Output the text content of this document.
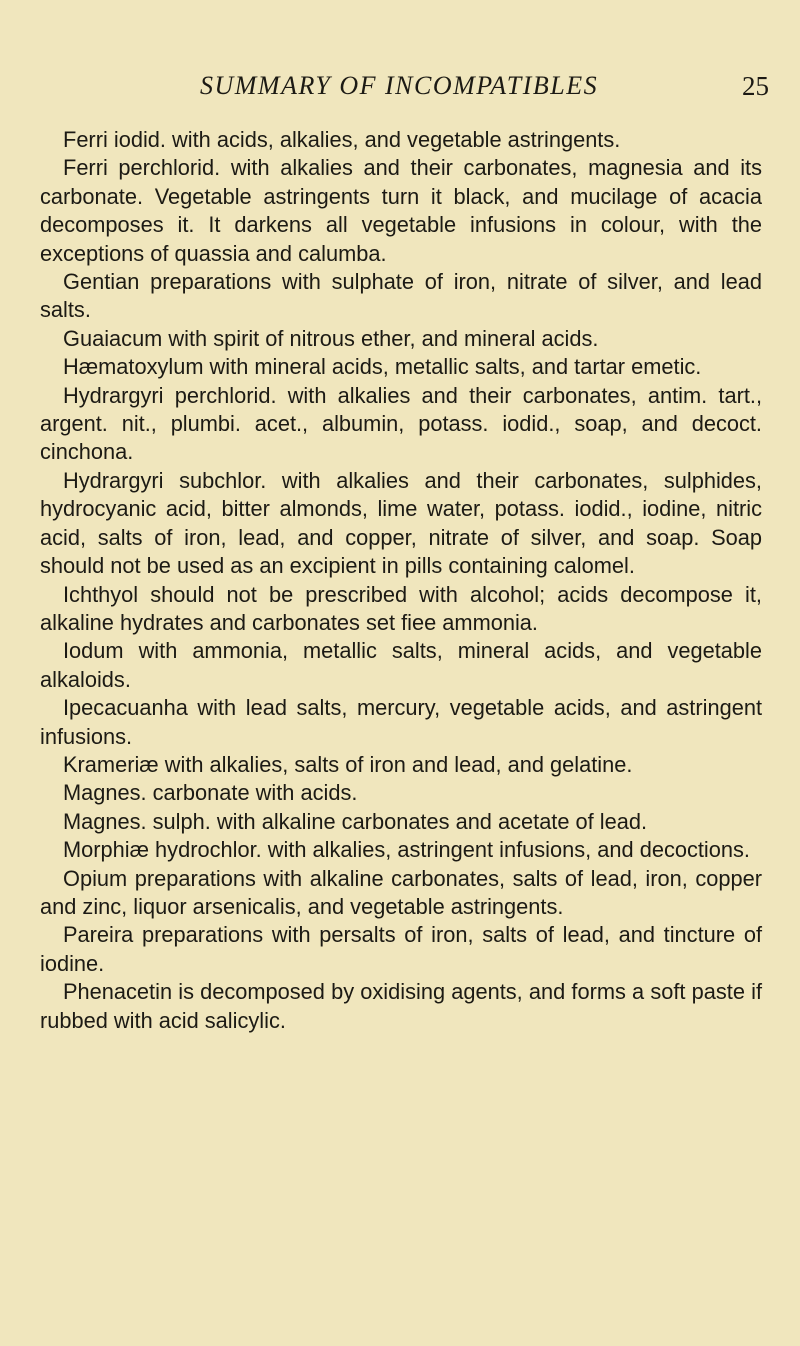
SUMMARY OF INCOMPATIBLES	25

Ferri iodid. with acids, alkalies, and vegetable astringents.

Ferri perchlorid. with alkalies and their carbonates, magnesia and its carbonate. Vegetable astringents turn it black, and mucilage of acacia decomposes it. It darkens all vegetable infusions in colour, with the exceptions of quassia and calumba.

Gentian preparations with sulphate of iron, nitrate of silver, and lead salts.

Guaiacum with spirit of nitrous ether, and mineral acids.

Hæmatoxylum with mineral acids, metallic salts, and tartar emetic.

Hydrargyri perchlorid. with alkalies and their carbonates, antim. tart., argent. nit., plumbi. acet., albumin, potass. iodid., soap, and decoct. cinchona.

Hydrargyri subchlor. with alkalies and their carbonates, sulphides, hydrocyanic acid, bitter almonds, lime water, potass. iodid., iodine, nitric acid, salts of iron, lead, and copper, nitrate of silver, and soap. Soap should not be used as an excipient in pills containing calomel.

Ichthyol should not be prescribed with alcohol; acids decompose it, alkaline hydrates and carbonates set fiee ammonia.

Iodum with ammonia, metallic salts, mineral acids, and vegetable alkaloids.

Ipecacuanha with lead salts, mercury, vegetable acids, and astringent infusions.

Krameriæ with alkalies, salts of iron and lead, and gelatine.

Magnes. carbonate with acids.

Magnes. sulph. with alkaline carbonates and acetate of lead.

Morphiæ hydrochlor. with alkalies, astringent infusions, and decoctions.

Opium preparations with alkaline carbonates, salts of lead, iron, copper and zinc, liquor arsenicalis, and vegetable astringents.

Pareira preparations with persalts of iron, salts of lead, and tincture of iodine.

Phenacetin is decomposed by oxidising agents, and forms a soft paste if rubbed with acid salicylic.
